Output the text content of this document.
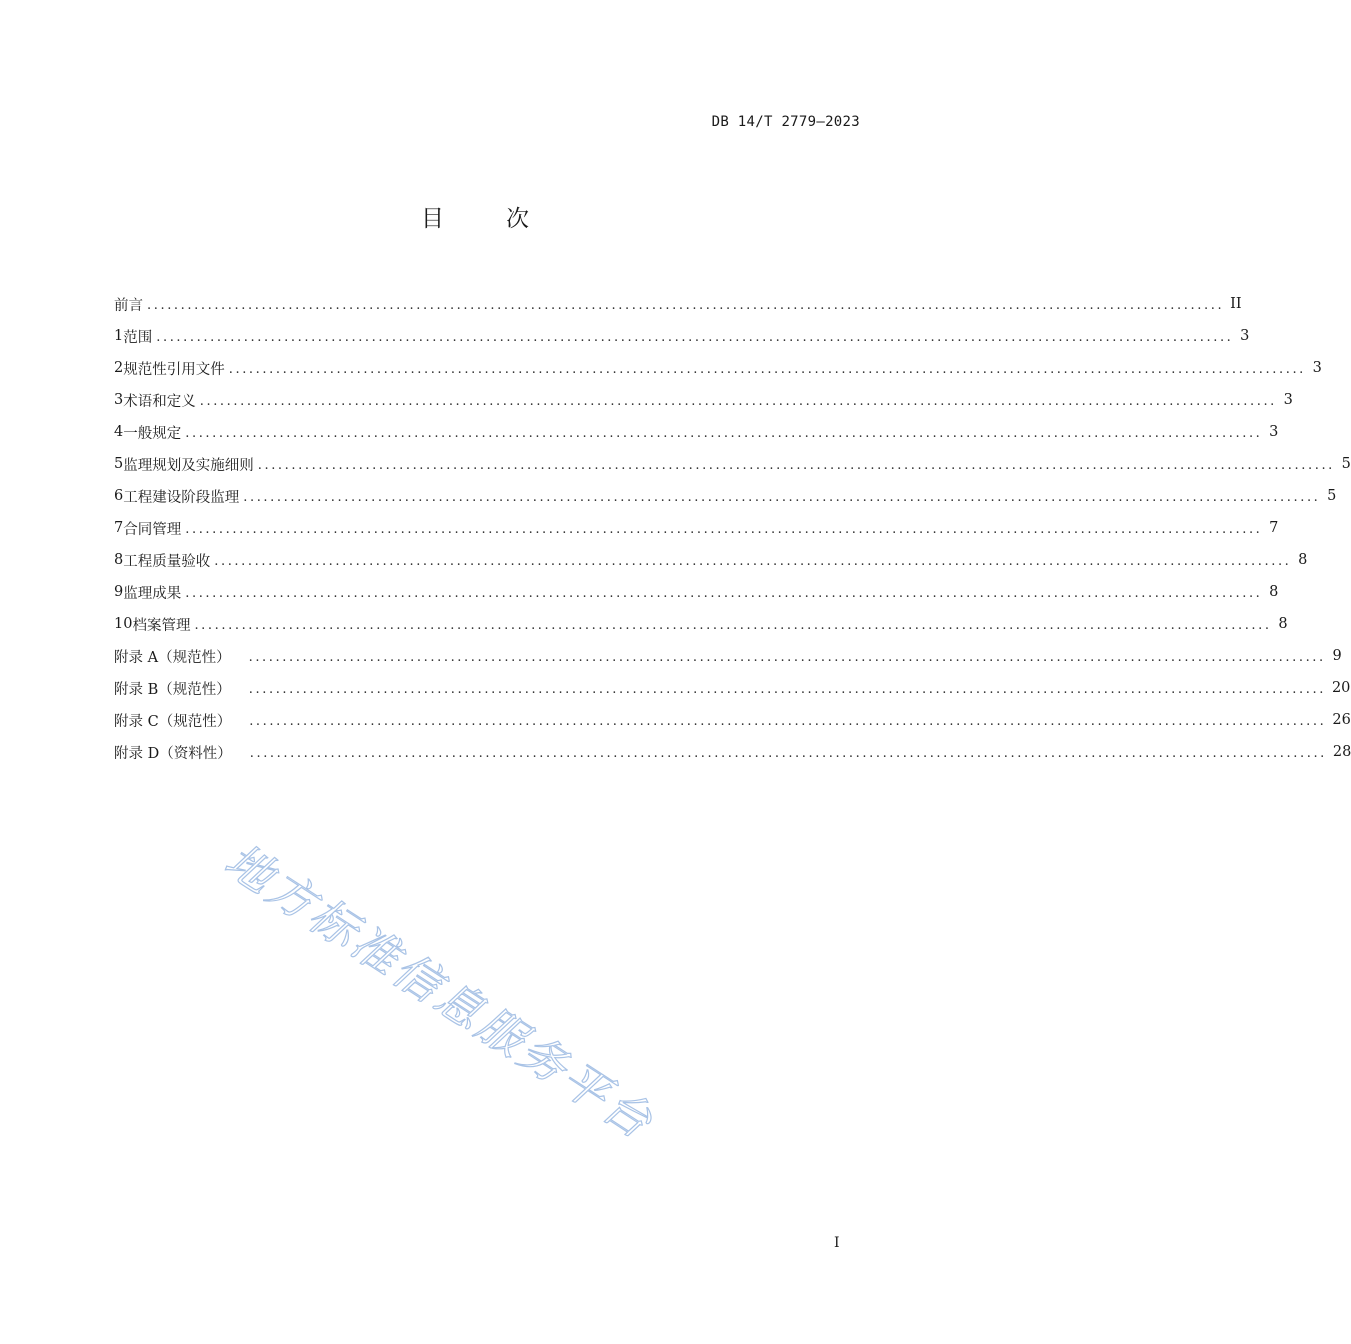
DB 14/T 2779—2023
目次
前言 ................................................................................................................................................................ II
1 范围 ................................................................................................................................................................ 3
2 规范性引用文件 ................................................................................................................................................................ 3
3 术语和定义 ................................................................................................................................................................ 3
4 一般规定 ................................................................................................................................................................ 3
5 监理规划及实施细则 ................................................................................................................................................................ 5
6 工程建设阶段监理 ................................................................................................................................................................ 5
7 合同管理 ................................................................................................................................................................ 7
8 工程质量验收 ................................................................................................................................................................ 8
9 监理成果 ................................................................................................................................................................ 8
10 档案管理 ................................................................................................................................................................ 8
附录 A（规范性）	................................................................................................................................................................ 9
附录 B（规范性）	................................................................................................................................................................ 20
附录 C（规范性）	................................................................................................................................................................ 26
附录 D（资料性）	................................................................................................................................................................ 28
地方标准信息服务平台
I
